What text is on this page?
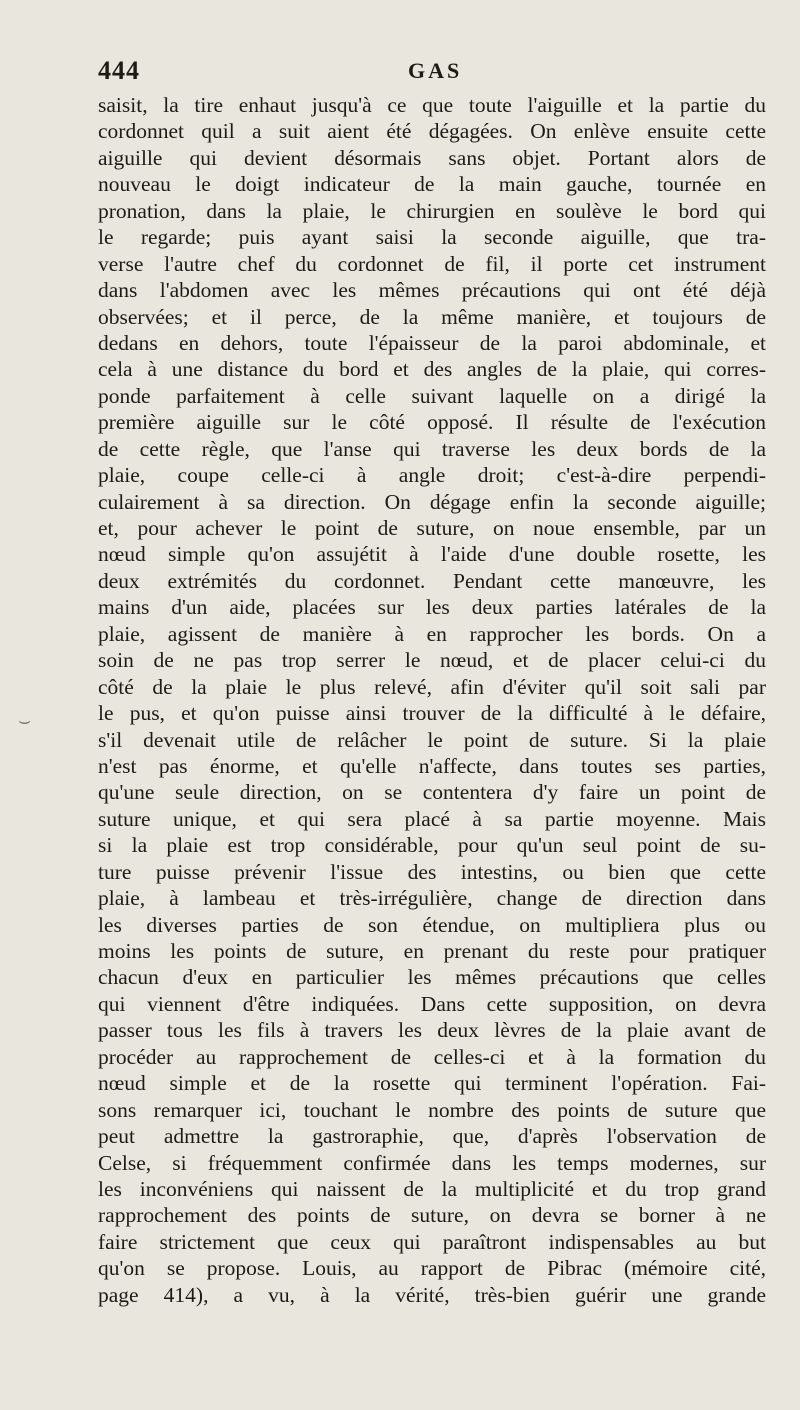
444	GAS
⌣
saisit, la tire enhaut jusqu'à ce que toute l'aiguille et la partie du
cordonnet quil a suit aient été dégagées. On enlève ensuite cette
aiguille qui devient désormais sans objet. Portant alors de
nouveau le doigt indicateur de la main gauche, tournée en
pronation, dans la plaie, le chirurgien en soulève le bord qui
le regarde; puis ayant saisi la seconde aiguille, que tra-
verse l'autre chef du cordonnet de fil, il porte cet instrument
dans l'abdomen avec les mêmes précautions qui ont été déjà
observées; et il perce, de la même manière, et toujours de
dedans en dehors, toute l'épaisseur de la paroi abdominale, et
cela à une distance du bord et des angles de la plaie, qui corres-
ponde parfaitement à celle suivant laquelle on a dirigé la
première aiguille sur le côté opposé. Il résulte de l'exécution
de cette règle, que l'anse qui traverse les deux bords de la
plaie, coupe celle-ci à angle droit; c'est-à-dire perpendi-
culairement à sa direction. On dégage enfin la seconde aiguille;
et, pour achever le point de suture, on noue ensemble, par un
nœud simple qu'on assujétit à l'aide d'une double rosette, les
deux extrémités du cordonnet. Pendant cette manœuvre, les
mains d'un aide, placées sur les deux parties latérales de la
plaie, agissent de manière à en rapprocher les bords. On a
soin de ne pas trop serrer le nœud, et de placer celui-ci du
côté de la plaie le plus relevé, afin d'éviter qu'il soit sali par
le pus, et qu'on puisse ainsi trouver de la difficulté à le défaire,
s'il devenait utile de relâcher le point de suture. Si la plaie
n'est pas énorme, et qu'elle n'affecte, dans toutes ses parties,
qu'une seule direction, on se contentera d'y faire un point de
suture unique, et qui sera placé à sa partie moyenne. Mais
si la plaie est trop considérable, pour qu'un seul point de su-
ture puisse prévenir l'issue des intestins, ou bien que cette
plaie, à lambeau et très-irrégulière, change de direction dans
les diverses parties de son étendue, on multipliera plus ou
moins les points de suture, en prenant du reste pour pratiquer
chacun d'eux en particulier les mêmes précautions que celles
qui viennent d'être indiquées. Dans cette supposition, on devra
passer tous les fils à travers les deux lèvres de la plaie avant de
procéder au rapprochement de celles-ci et à la formation du
nœud simple et de la rosette qui terminent l'opération. Fai-
sons remarquer ici, touchant le nombre des points de suture que
peut admettre la gastroraphie, que, d'après l'observation de
Celse, si fréquemment confirmée dans les temps modernes, sur
les inconvéniens qui naissent de la multiplicité et du trop grand
rapprochement des points de suture, on devra se borner à ne
faire strictement que ceux qui paraîtront indispensables au but
qu'on se propose. Louis, au rapport de Pibrac (mémoire cité,
page 414), a vu, à la vérité, très-bien guérir une grande
